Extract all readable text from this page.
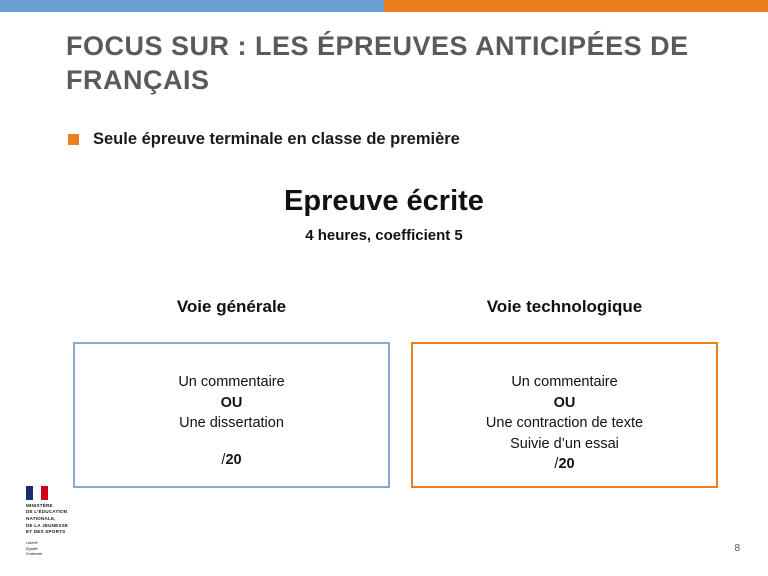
FOCUS SUR : LES ÉPREUVES ANTICIPÉES DE FRANÇAIS
Seule épreuve terminale en classe de première
Epreuve écrite
4 heures, coefficient 5
Voie générale	Voie technologique

Un commentaire

OU

Une dissertation

/20

Un commentaire

OU

Une contraction de texte

Suivie d’un essai

/20

MINISTÈRE
DE L’ÉDUCATION
NATIONALE,
DE LA JEUNESSE
ET DES SPORTS
Liberté
Égalité
Fraternité
8
